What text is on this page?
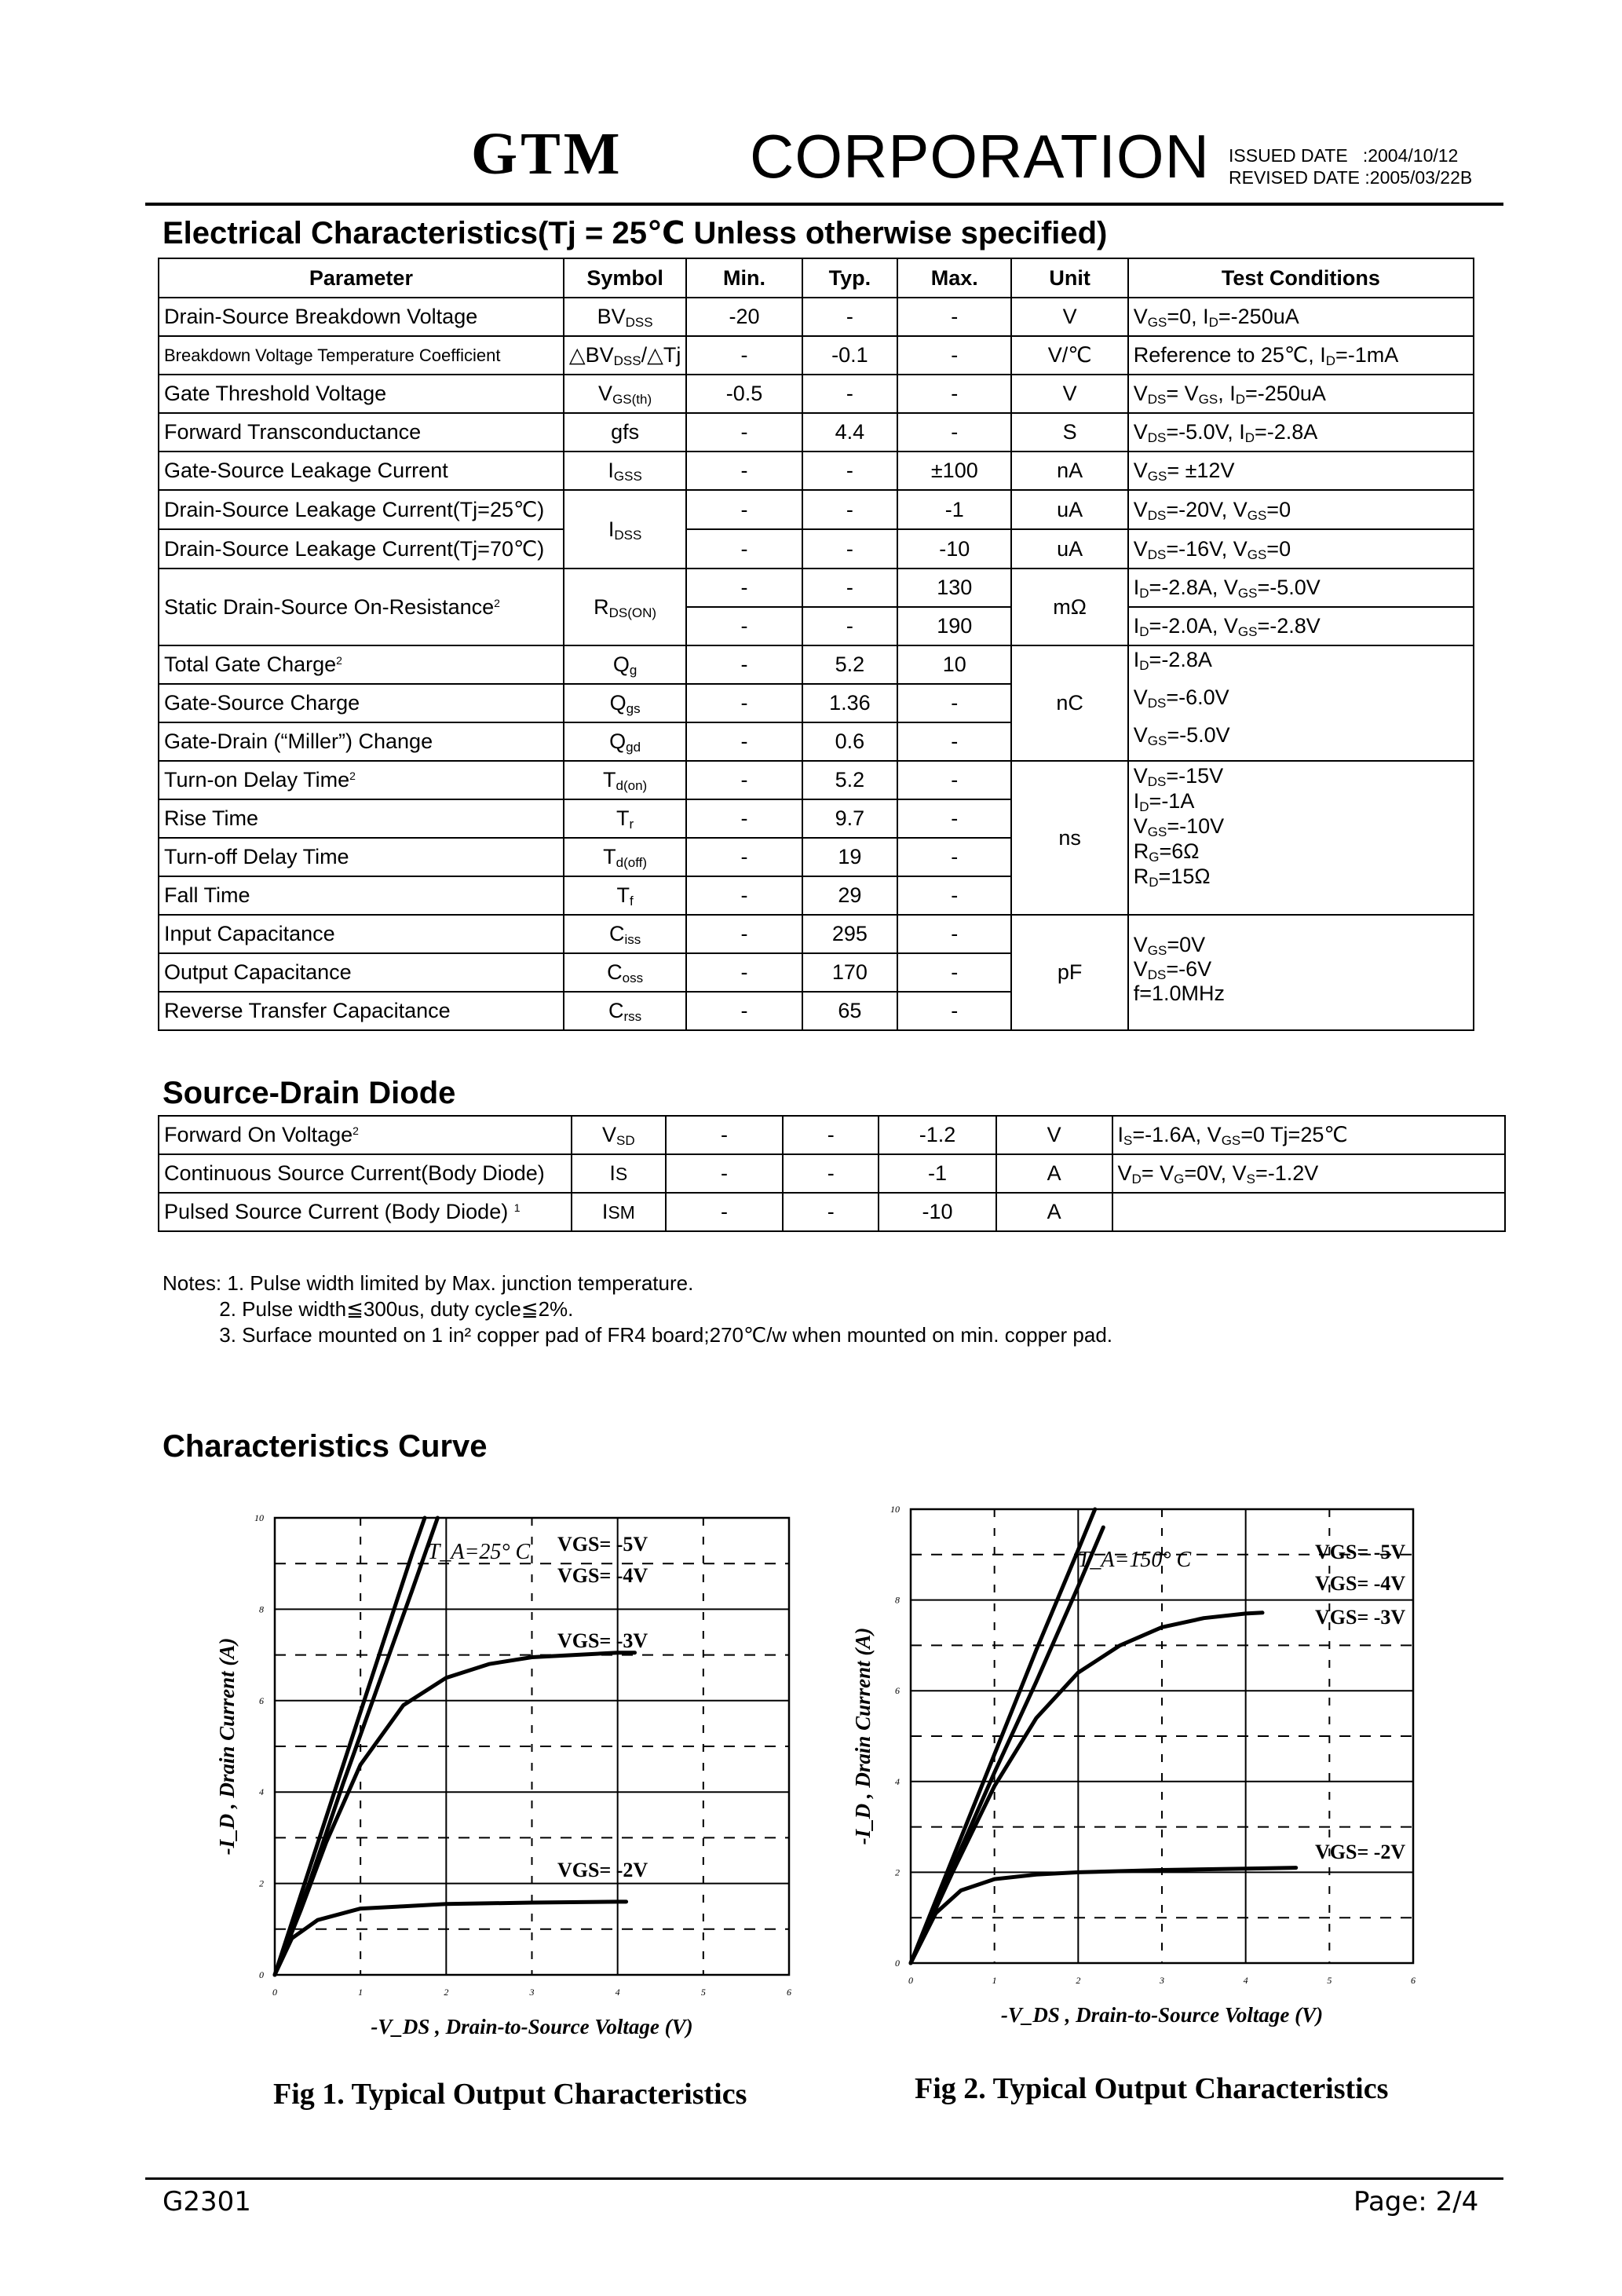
GTM CORPORATION ISSUED DATE   :2004/10/12
REVISED DATE :2005/03/22B
Electrical Characteristics(Tj = 25℃ Unless otherwise specified)
Parameter	Symbol	Min.	Typ.	Max.	Unit	Test Conditions
Drain-Source Breakdown Voltage	$BV_{DSS}$	-20	-	-	V	$V_{GS}=0$, $I_D=-250uA$
Breakdown Voltage Temperature Coefficient	$\triangle BV_{DSS}/\triangle Tj$	-	-0.1	-	V/℃	Reference to 25℃, $I_D=-1mA$
Gate Threshold Voltage	$V_{GS(th)}$	-0.5	-	-	V	$V_{DS}= V_{GS}$, $I_D=-250uA$
Forward Transconductance	gfs	-	4.4	-	S	$V_{DS}=-5.0V$, $I_D=-2.8A$
Gate-Source Leakage Current	$I_{GSS}$	-	-	±100	nA	$V_{GS}= \pm 12V$
Drain-Source Leakage Current(Tj=25℃)	$I_{DSS}$	-	-	-1	uA	$V_{DS}=-20V$, $V_{GS}=0$
Drain-Source Leakage Current(Tj=70℃)		-	-	-10	uA	$V_{DS}=-16V$, $V_{GS}=0$
Static Drain-Source On-Resistance$^2$	$R_{DS(ON)}$	-	-	130	mΩ	$I_D=-2.8A$, $V_{GS}=-5.0V$
		-	-	190		$I_D=-2.0A$, $V_{GS}=-2.8V$
Total Gate Charge$^2$	$Q_g$	-	5.2	10	nC	$I_D=-2.8A$
$V_{DS}=-6.0V$
$V_{GS}=-5.0V$
Gate-Source Charge	$Q_{gs}$	-	1.36	-		
Gate-Drain (“Miller”) Change	$Q_{gd}$	-	0.6	-		
Turn-on Delay Time$^2$	$T_{d(on)}$	-	5.2	-	ns	$V_{DS}=-15V$
$I_D=-1A$
$V_{GS}=-10V$
$R_G=6\Omega$
$R_D=15\Omega$
Rise Time	$T_r$	-	9.7	-		
Turn-off Delay Time	$T_{d(off)}$	-	19	-		
Fall Time	$T_f$	-	29	-		
Input Capacitance	$C_{iss}$	-	295	-	pF	$V_{GS}=0V$
$V_{DS}=-6V$
f=1.0MHz
Output Capacitance	$C_{oss}$	-	170	-		
Reverse Transfer Capacitance	$C_{rss}$	-	65	-		
Source-Drain Diode
Forward On Voltage$^2$	$V_{SD}$	-	-	-1.2	V	$I_S=-1.6A$, $V_{GS}=0$ Tj=25℃
Continuous Source Current(Body Diode)	IS	-	-	-1	A	$V_D= V_G=0V$, $V_S=-1.2V$
Pulsed Source Current (Body Diode) $^1$	ISM	-	-	-10	A	
Notes: 1. Pulse width limited by Max. junction temperature.
2. Pulse width≦300us, duty cycle≦2%.
3. Surface mounted on 1 in² copper pad of FR4 board;270℃/w when mounted on min. copper pad.
Characteristics Curve
0	1	2	3	4	5	6
0
2
4
6
8
10
VGS= -5V
VGS= -4V
VGS= -3V
VGS= -2V
T_A=25° C
-V_DS , Drain-to-Source Voltage (V)
-I_D , Drain Current (A)
Fig 1. Typical Output Characteristics
0	1	2	3	4	5	6
0
2
4
6
8
10
VGS= -5V
VGS= -4V
VGS= -3V
VGS= -2V
T_A=150° C
-V_DS , Drain-to-Source Voltage (V)
-I_D , Drain Current (A)
Fig 2. Typical Output Characteristics
G2301	Page: 2/4
